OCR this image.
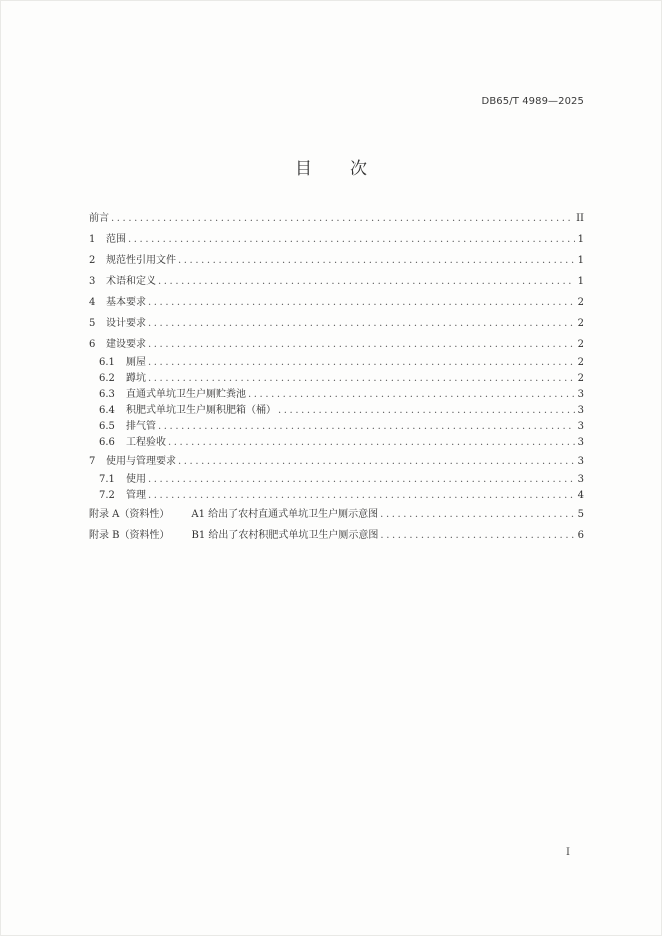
DB65/T 4989—2025
目次
前言 .....	II
1	范围 .....	1
2	规范性引用文件 .....	1
3	术语和定义 .....	1
4	基本要求 .....	2
5	设计要求 .....	2
6	建设要求 .....	2
6.1	厕屋 .....	2
6.2	蹲坑 .....	2
6.3	直通式单坑卫生户厕贮粪池 .....	3
6.4	积肥式单坑卫生户厕积肥箱（桶） .....	3
6.5	排气管 .....	3
6.6	工程验收 .....	3
7	使用与管理要求 .....	3
7.1	使用 .....	3
7.2	管理 .....	4
附录 A（资料性） A1 给出了农村直通式单坑卫生户厕示意图 .....	5
附录 B（资料性） B1 给出了农村积肥式单坑卫生户厕示意图 .....	6
I
